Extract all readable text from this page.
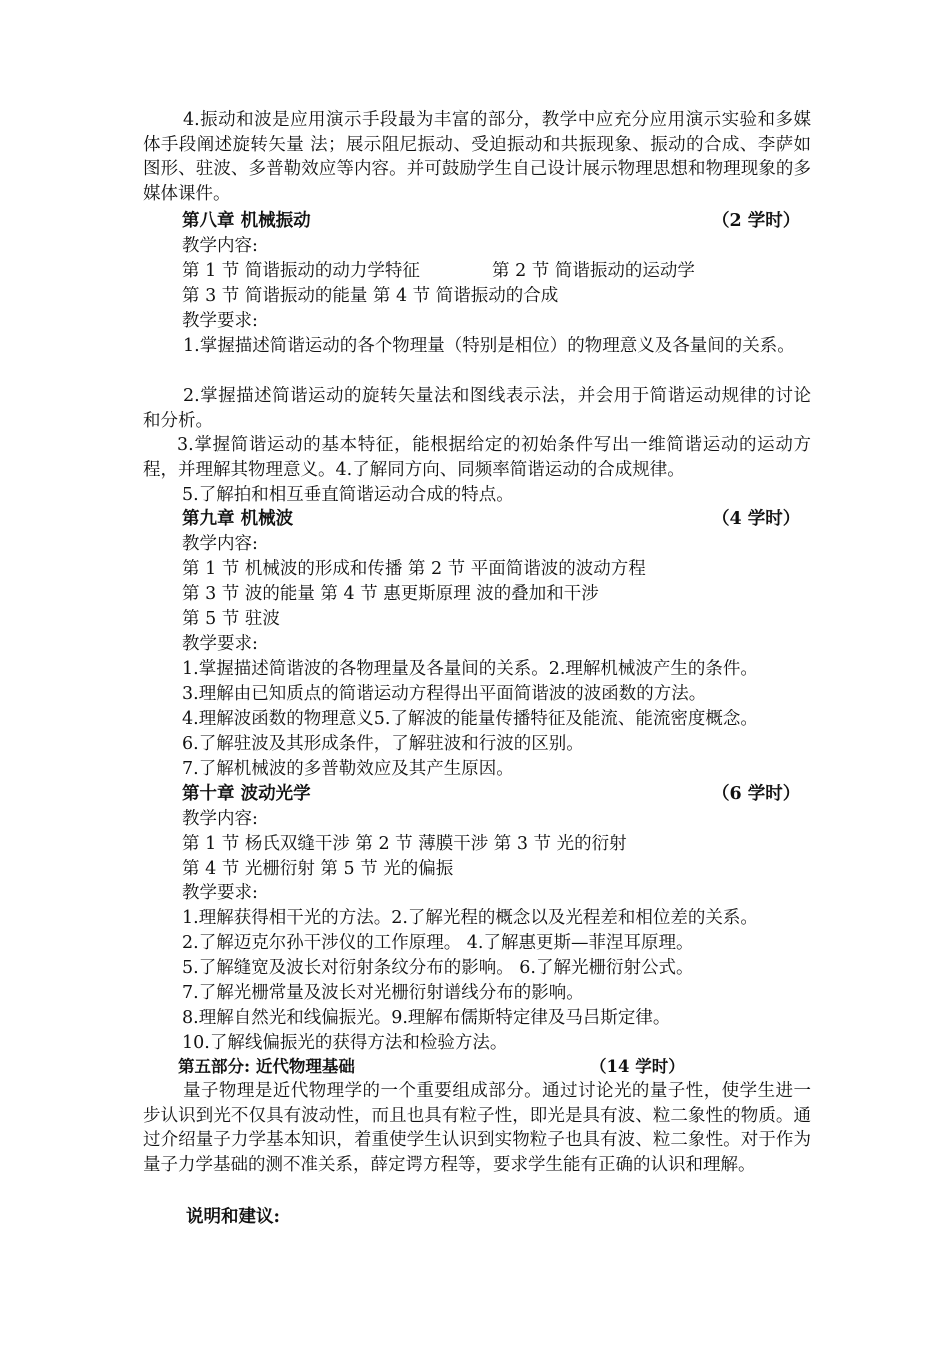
4.振动和波是应用演示手段最为丰富的部分，教学中应充分应用演示实验和多媒体手段阐述旋转矢量 法；展示阻尼振动、受迫振动和共振现象、振动的合成、李萨如图形、驻波、多普勒效应等内容。并可鼓励学生自己设计展示物理思想和物理现象的多媒体课件。
第八章 机械振动	（2 学时）
教学内容:
第 1 节 简谐振动的动力学特征	第 2 节 简谐振动的运动学
第 3 节 简谐振动的能量 第 4 节 简谐振动的合成
教学要求:
1.掌握描述简谐运动的各个物理量（特别是相位）的物理意义及各量间的关系。
2.掌握描述简谐运动的旋转矢量法和图线表示法，并会用于简谐运动规律的讨论和分析。
3.掌握简谐运动的基本特征，能根据给定的初始条件写出一维简谐运动的运动方程，并理解其物理意义。4.了解同方向、同频率简谐运动的合成规律。
5.了解拍和相互垂直简谐运动合成的特点。
第九章 机械波	（4 学时）
教学内容:
第 1 节 机械波的形成和传播 第 2 节 平面简谐波的波动方程
第 3 节 波的能量 第 4 节 惠更斯原理 波的叠加和干涉
第 5 节 驻波
教学要求:
1.掌握描述简谐波的各物理量及各量间的关系。2.理解机械波产生的条件。
3.理解由已知质点的简谐运动方程得出平面简谐波的波函数的方法。
4.理解波函数的物理意义5.了解波的能量传播特征及能流、能流密度概念。
6.了解驻波及其形成条件，了解驻波和行波的区别。
7.了解机械波的多普勒效应及其产生原因。
第十章 波动光学	（6 学时）
教学内容:
第 1 节 杨氏双缝干涉 第 2 节 薄膜干涉 第 3 节 光的衍射
第 4 节 光栅衍射 第 5 节 光的偏振
教学要求:
1.理解获得相干光的方法。2.了解光程的概念以及光程差和相位差的关系。
2.了解迈克尔孙干涉仪的工作原理。 4.了解惠更斯—菲涅耳原理。
5.了解缝宽及波长对衍射条纹分布的影响。 6.了解光栅衍射公式。
7.了解光栅常量及波长对光栅衍射谱线分布的影响。
8.理解自然光和线偏振光。9.理解布儒斯特定律及马吕斯定律。
10.了解线偏振光的获得方法和检验方法。
第五部分: 近代物理基础	（14 学时）
量子物理是近代物理学的一个重要组成部分。通过讨论光的量子性，使学生进一步认识到光不仅具有波动性，而且也具有粒子性，即光是具有波、粒二象性的物质。通过介绍量子力学基本知识，着重使学生认识到实物粒子也具有波、粒二象性。对于作为量子力学基础的测不准关系，薛定谔方程等，要求学生能有正确的认识和理解。
说明和建议:
